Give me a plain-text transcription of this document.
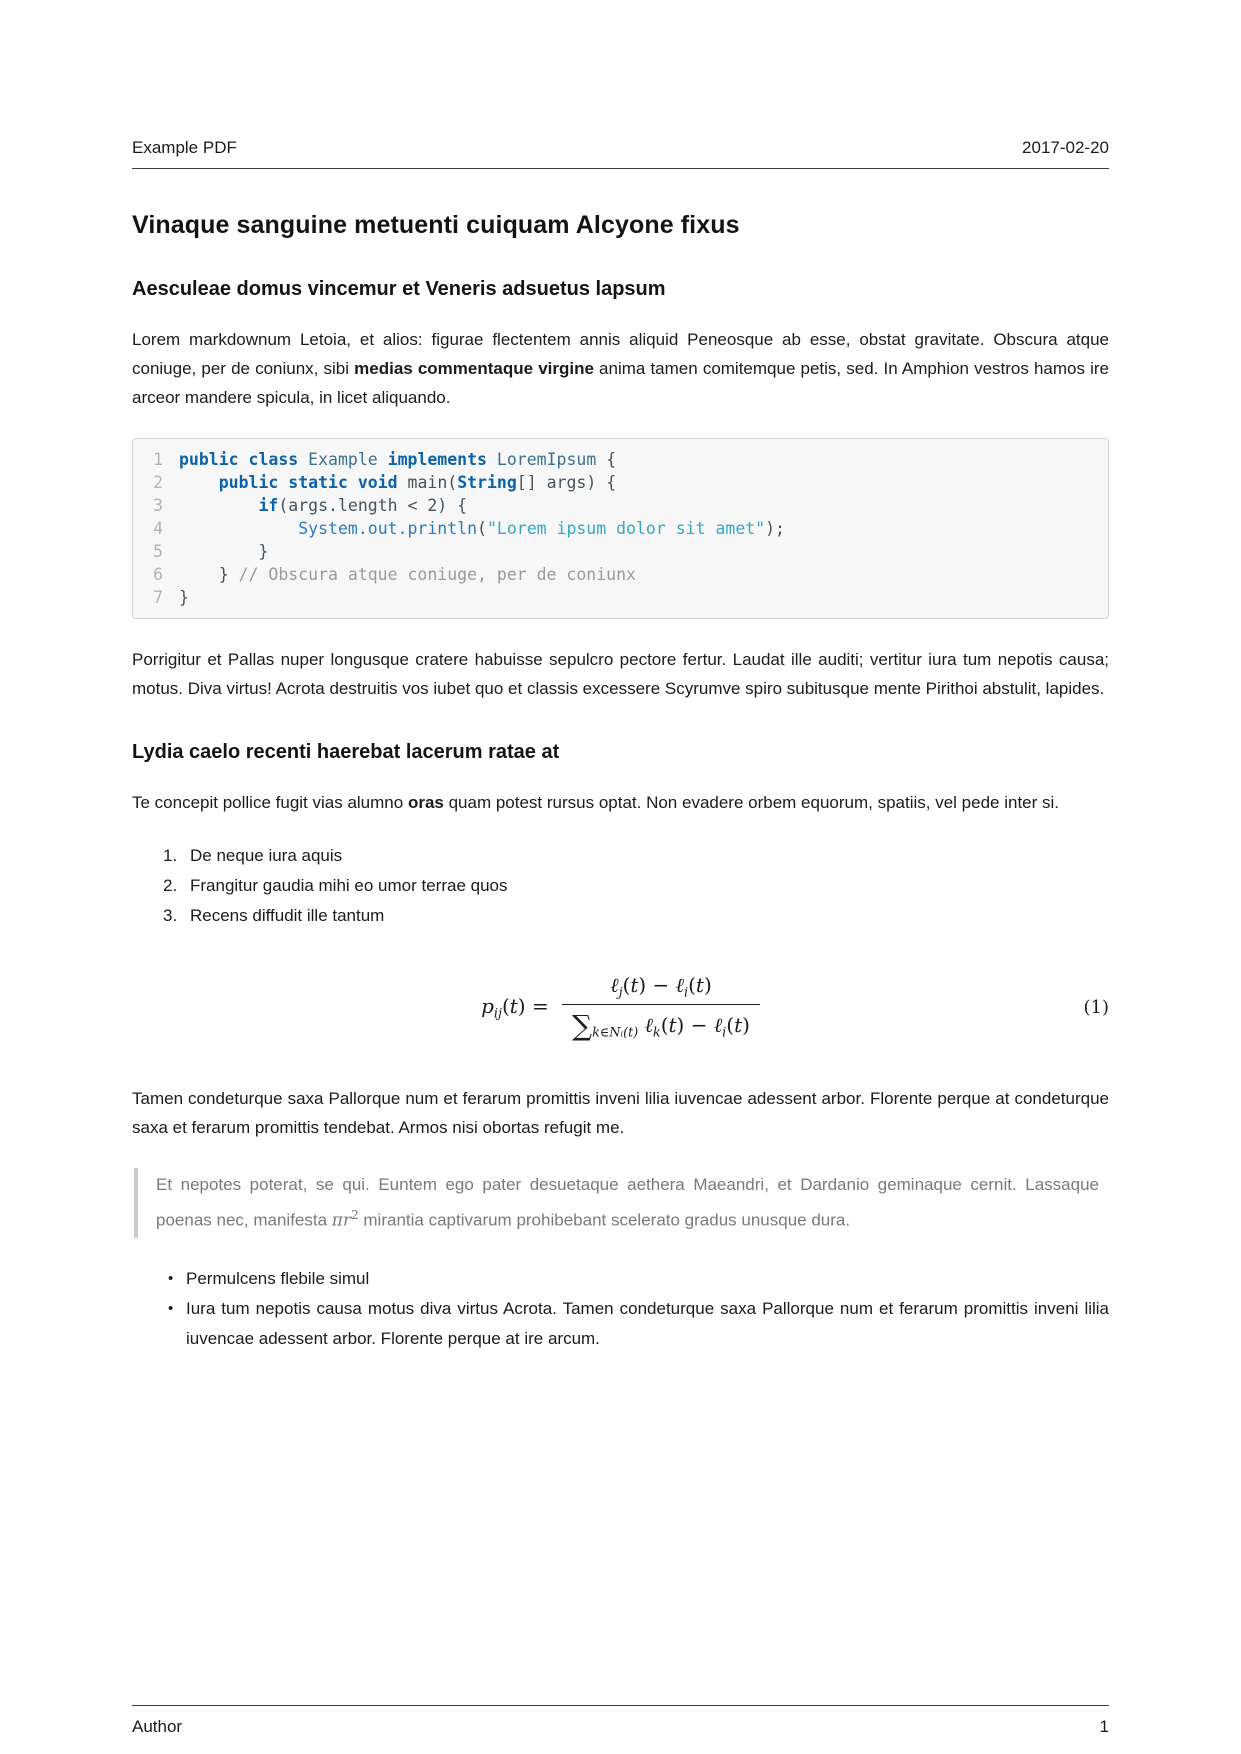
Example PDF	2017-02-20
Vinaque sanguine metuenti cuiquam Alcyone fixus
Aesculeae domus vincemur et Veneris adsuetus lapsum

Lorem markdownum Letoia, et alios: figurae flectentem annis aliquid Peneosque ab esse, obstat gravitate. Obscura atque coniuge, per de coniunx, sibi medias commentaque virgine anima tamen comitemque petis, sed. In Amphion vestros hamos ire arceor mandere spicula, in licet aliquando.

1 public class Example implements LoremIpsum {
2	public static void main(String[] args) {
3	if(args.length < 2) {
4	System.out.println("Lorem ipsum dolor sit amet");
5 }
6 } // Obscura atque coniuge, per de coniunx
7 }

Porrigitur et Pallas nuper longusque cratere habuisse sepulcro pectore fertur. Laudat ille auditi; vertitur iura tum nepotis causa; motus. Diva virtus! Acrota destruitis vos iubet quo et classis excessere Scyrumve spiro subitusque mente Pirithoi abstulit, lapides.

Lydia caelo recenti haerebat lacerum ratae at

Te concepit pollice fugit vias alumno oras quam potest rursus optat. Non evadere orbem equorum, spatiis, vel pede inter si.

De neque iura aquis
Frangitur gaudia mihi eo umor terrae quos
Recens diffudit ille tantum
$p_{ij}(t) = \frac{\ell_j(t) - \ell_i(t)}{\sum_{k\in Nᵢ(t)} \ell_k(t) - \ell_i(t)}$	(1)

Tamen condeturque saxa Pallorque num et ferarum promittis inveni lilia iuvencae adessent arbor. Florente perque at condeturque saxa et ferarum promittis tendebat. Armos nisi obortas refugit me.

Et nepotes poterat, se qui. Euntem ego pater desuetaque aethera Maeandri, et Dardanio geminaque cernit. Lassaque poenas nec, manifesta $\pi r^2$ mirantia captivarum prohibebant scelerato gradus unusque dura.
• Permulcens flebile simul
• Iura tum nepotis causa motus diva virtus Acrota. Tamen condeturque saxa Pallorque num et ferarum promittis inveni lilia iuvencae adessent arbor. Florente perque at ire arcum.
Author	1
